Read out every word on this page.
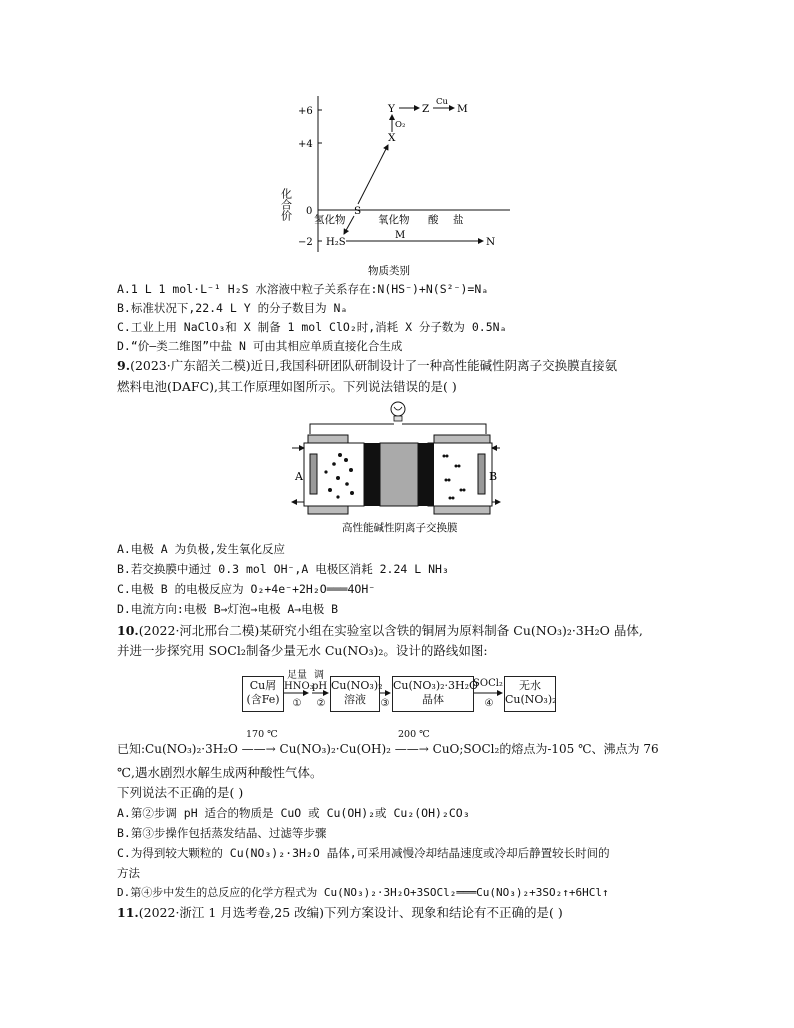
+6
+4
0
−2
化合价 氢化物	氧化物 酸 盐
S
H₂S
X
Y	Z	M
N
O₂
Cu
M
物质类别
A.1 L 1 mol·L⁻¹ H₂S 水溶液中粒子关系存在:N(HS⁻)+N(S²⁻)=Nₐ
B.标准状况下,22.4 L Y 的分子数目为 Nₐ
C.工业上用 NaClO₃和 X 制备 1 mol ClO₂时,消耗 X 分子数为 0.5Nₐ
D.“价—类二维图”中盐 N 可由其相应单质直接化合生成
9.(2023·广东韶关二模)近日,我国科研团队研制设计了一种高性能碱性阴离子交换膜直接氨
燃料电池(DAFC),其工作原理如图所示。下列说法错误的是( )
A	B
高性能碱性阴离子交换膜
A.电极 A 为负极,发生氧化反应
B.若交换膜中通过 0.3 mol OH⁻,A 电极区消耗 2.24 L NH₃
C.电极 B 的电极反应为 O₂+4e⁻+2H₂O═══4OH⁻
D.电流方向:电极 B→灯泡→电极 A→电极 B
10.(2022·河北邢台二模)某研究小组在实验室以含铁的铜屑为原料制备 Cu(NO₃)₂·3H₂O 晶体,
并进一步探究用 SOCl₂制备少量无水 Cu(NO₃)₂。设计的路线如图:
Cu屑
(含Fe)
足量HNO₃
①
调pH
②
Cu(NO₃)₂
溶液	③
Cu(NO₃)₂·3H₂O
晶体
SOCl₂
④
无水
Cu(NO₃)₂
170 ℃	200 ℃
已知:Cu(NO₃)₂·3H₂O ——→ Cu(NO₃)₂·Cu(OH)₂ ——→ CuO;SOCl₂的熔点为-105 ℃、沸点为 76
℃,遇水剧烈水解生成两种酸性气体。
下列说法不正确的是( )
A.第②步调 pH 适合的物质是 CuO 或 Cu(OH)₂或 Cu₂(OH)₂CO₃
B.第③步操作包括蒸发结晶、过滤等步骤
C.为得到较大颗粒的 Cu(NO₃)₂·3H₂O 晶体,可采用减慢冷却结晶速度或冷却后静置较长时间的
方法
D.第④步中发生的总反应的化学方程式为 Cu(NO₃)₂·3H₂O+3SOCl₂═══Cu(NO₃)₂+3SO₂↑+6HCl↑
11.(2022·浙江 1 月选考卷,25 改编)下列方案设计、现象和结论有不正确的是( )
